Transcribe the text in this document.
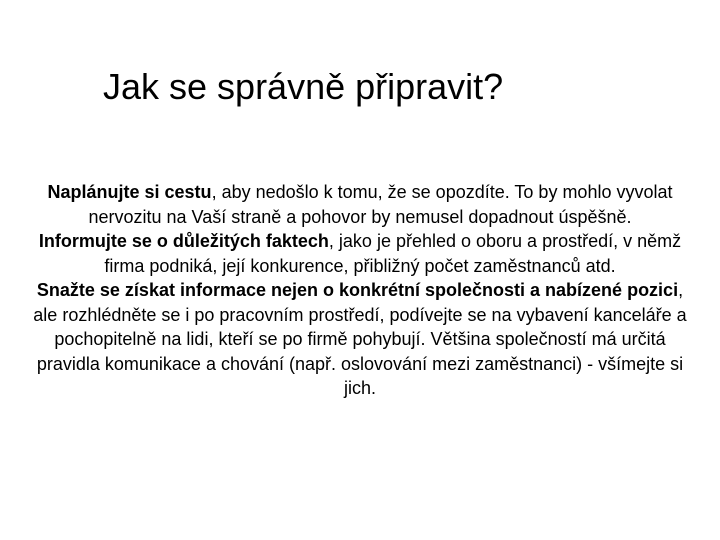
Jak se správně připravit?

Naplánujte si cestu, aby nedošlo k tomu, že se opozdíte. To by mohlo vyvolat nervozitu na Vaší straně a pohovor by nemusel dopadnout úspěšně.

Informujte se o důležitých faktech, jako je přehled o oboru a prostředí, v němž firma podniká, její konkurence, přibližný počet zaměstnanců atd.

Snažte se získat informace nejen o konkrétní společnosti a nabízené pozici, ale rozhlédněte se i po pracovním prostředí, podívejte se na vybavení kanceláře a pochopitelně na lidi, kteří se po firmě pohybují. Většina společností má určitá pravidla komunikace a chování (např. oslovování mezi zaměstnanci) - všímejte si jich.
